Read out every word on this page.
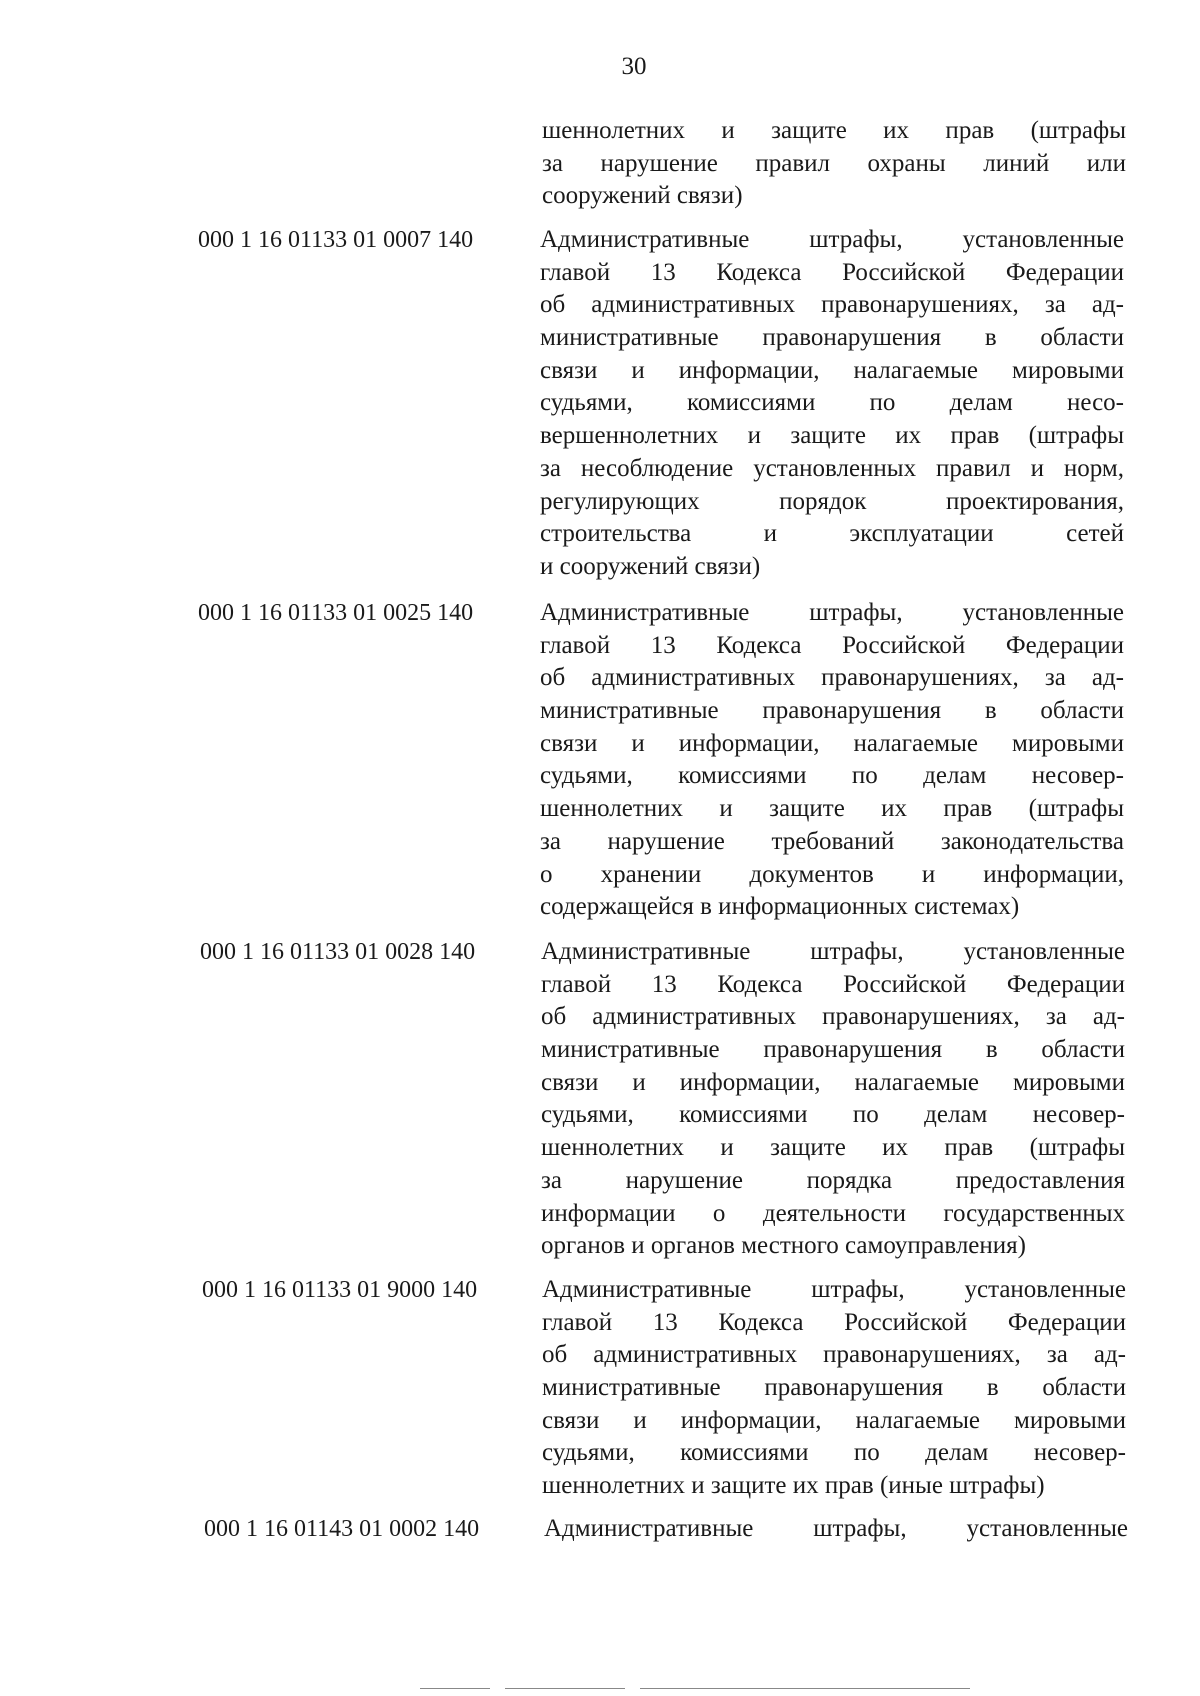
30
шеннолетних и защите их прав (штрафы
за нарушение правил охраны линий или
сооружений связи)
000 1 16 01133 01 0007 140	Административные штрафы, установленные
главой 13 Кодекса Российской Федерации
об административных правонарушениях, за ад-
министративные правонарушения в области
связи и информации, налагаемые мировыми
судьями, комиссиями по делам несо-
вершеннолетних и защите их прав (штрафы
за несоблюдение установленных правил и норм,
регулирующих порядок проектирования,
строительства и эксплуатации сетей
и сооружений связи)
000 1 16 01133 01 0025 140	Административные штрафы, установленные
главой 13 Кодекса Российской Федерации
об административных правонарушениях, за ад-
министративные правонарушения в области
связи и информации, налагаемые мировыми
судьями, комиссиями по делам несовер-
шеннолетних и защите их прав (штрафы
за нарушение требований законодательства
о хранении документов и информации,
содержащейся в информационных системах)
000 1 16 01133 01 0028 140	Административные штрафы, установленные
главой 13 Кодекса Российской Федерации
об административных правонарушениях, за ад-
министративные правонарушения в области
связи и информации, налагаемые мировыми
судьями, комиссиями по делам несовер-
шеннолетних и защите их прав (штрафы
за нарушение порядка предоставления
информации о деятельности государственных
органов и органов местного самоуправления)
000 1 16 01133 01 9000 140	Административные штрафы, установленные
главой 13 Кодекса Российской Федерации
об административных правонарушениях, за ад-
министративные правонарушения в области
связи и информации, налагаемые мировыми
судьями, комиссиями по делам несовер-
шеннолетних и защите их прав (иные штрафы)
000 1 16 01143 01 0002 140	Административные штрафы, установленные
